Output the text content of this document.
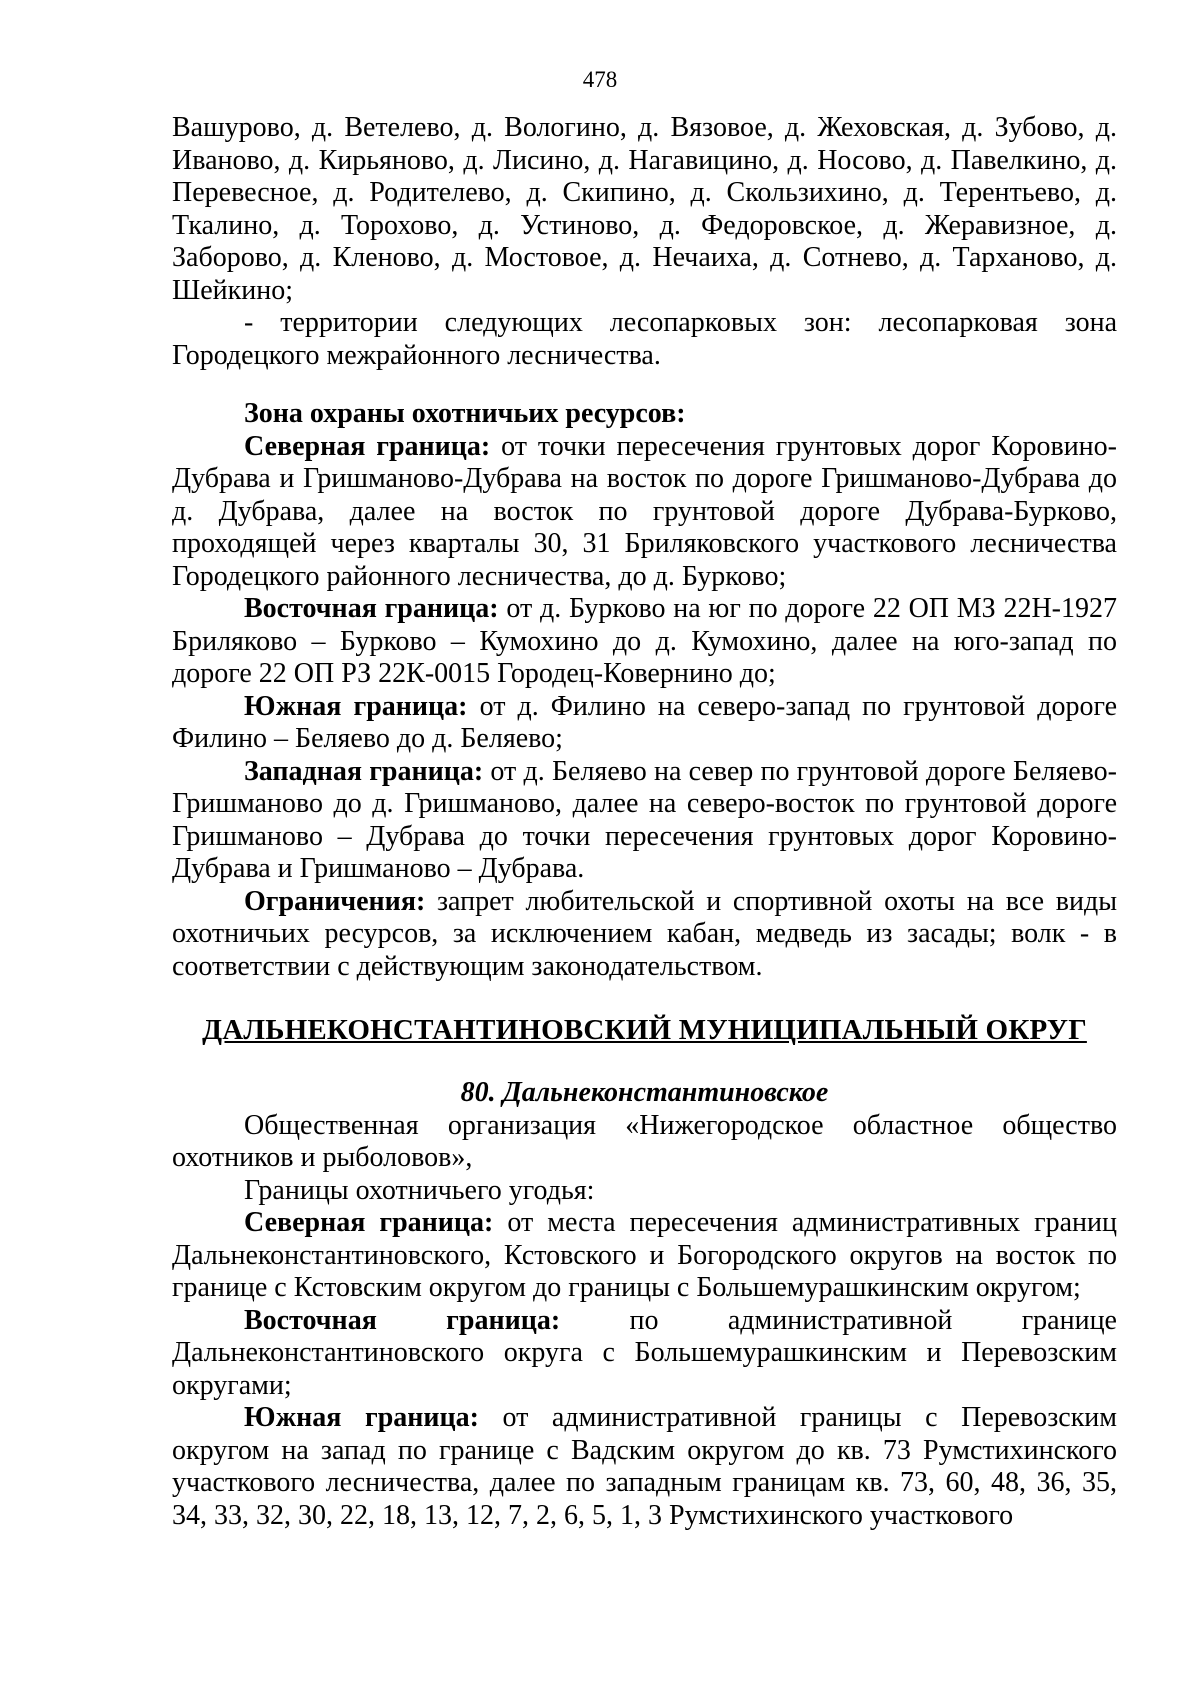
478

Вашурово, д. Ветелево, д. Вологино, д. Вязовое, д. Жеховская, д. Зубово, д. Иваново, д. Кирьяново, д. Лисино, д. Нагавицино, д. Носово, д. Павелкино, д. Перевесное, д. Родителево, д. Скипино, д. Скользихино, д. Терентьево, д. Ткалино, д. Торохово, д. Устиново, д. Федоровское, д. Жеравизное, д. Заборово, д. Кленово, д. Мостовое, д. Нечаиха, д. Сотнево, д. Тарханово, д. Шейкино;

- территории следующих лесопарковых зон: лесопарковая зона Городецкого межрайонного лесничества.

Зона охраны охотничьих ресурсов:

Северная граница: от точки пересечения грунтовых дорог Коровино-Дубрава и Гришманово-Дубрава на восток по дороге Гришманово-Дубрава до д. Дубрава, далее на восток по грунтовой дороге Дубрава-Бурково, проходящей через кварталы 30, 31 Бриляковского участкового лесничества Городецкого районного лесничества, до д. Бурково;

Восточная граница: от д. Бурково на юг по дороге 22 ОП МЗ 22Н-1927 Бриляково – Бурково – Кумохино до д. Кумохино, далее на юго-запад по дороге 22 ОП РЗ 22К-0015 Городец-Ковернино до;

Южная граница: от д. Филино на северо-запад по грунтовой дороге Филино – Беляево до д. Беляево;

Западная граница: от д. Беляево на север по грунтовой дороге Беляево-Гришманово до д. Гришманово, далее на северо-восток по грунтовой дороге Гришманово – Дубрава до точки пересечения грунтовых дорог Коровино-Дубрава и Гришманово – Дубрава.

Ограничения: запрет любительской и спортивной охоты на все виды охотничьих ресурсов, за исключением кабан, медведь из засады; волк - в соответствии с действующим законодательством.

ДАЛЬНЕКОНСТАНТИНОВСКИЙ МУНИЦИПАЛЬНЫЙ ОКРУГ

80. Дальнеконстантиновское

Общественная организация «Нижегородское областное общество охотников и рыболовов»,

Границы охотничьего угодья:

Северная граница: от места пересечения административных границ Дальнеконстантиновского, Кстовского и Богородского округов на восток по границе с Кстовским округом до границы с Большемурашкинским округом;

Восточная граница: по административной границе Дальнеконстантиновского округа с Большемурашкинским и Перевозским округами;

Южная граница: от административной границы с Перевозским округом на запад по границе с Вадским округом до кв. 73 Румстихинского участкового лесничества, далее по западным границам кв. 73, 60, 48, 36, 35, 34, 33, 32, 30, 22, 18, 13, 12, 7, 2, 6, 5, 1, 3 Румстихинского участкового
